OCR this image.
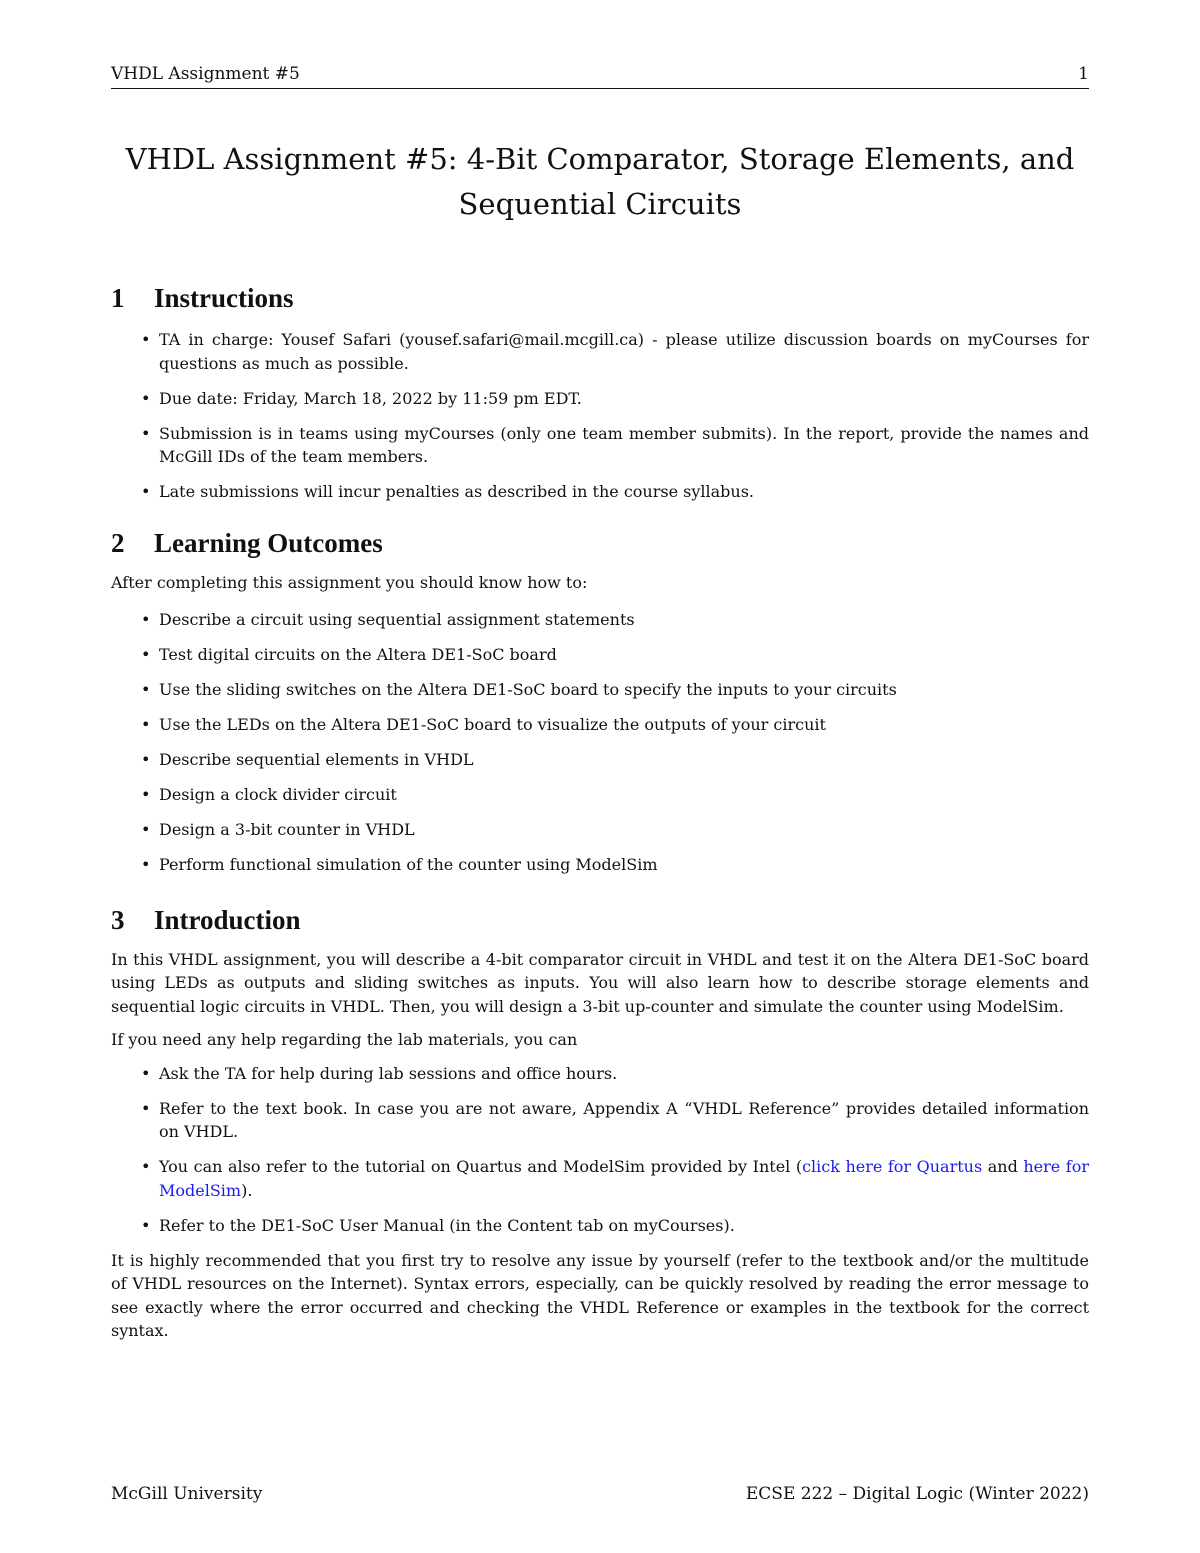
VHDL Assignment #5	1
VHDL Assignment #5: 4-Bit Comparator, Storage Elements, and
Sequential Circuits
1	Instructions
• TA in charge: Yousef Safari (yousef.safari@mail.mcgill.ca) - please utilize discussion boards on myCourses for questions as much as possible.
• Due date: Friday, March 18, 2022 by 11:59 pm EDT.
• Submission is in teams using myCourses (only one team member submits). In the report, provide the names and McGill IDs of the team members.
• Late submissions will incur penalties as described in the course syllabus.
2	Learning Outcomes

After completing this assignment you should know how to:

• Describe a circuit using sequential assignment statements
• Test digital circuits on the Altera DE1-SoC board
• Use the sliding switches on the Altera DE1-SoC board to specify the inputs to your circuits
• Use the LEDs on the Altera DE1-SoC board to visualize the outputs of your circuit
• Describe sequential elements in VHDL
• Design a clock divider circuit
• Design a 3-bit counter in VHDL
• Perform functional simulation of the counter using ModelSim
3	Introduction

In this VHDL assignment, you will describe a 4-bit comparator circuit in VHDL and test it on the Altera DE1-SoC board using LEDs as outputs and sliding switches as inputs. You will also learn how to describe storage elements and sequential logic circuits in VHDL. Then, you will design a 3-bit up-counter and simulate the counter using ModelSim.

If you need any help regarding the lab materials, you can

• Ask the TA for help during lab sessions and office hours.
• Refer to the text book. In case you are not aware, Appendix A “VHDL Reference” provides detailed information on VHDL.
• You can also refer to the tutorial on Quartus and ModelSim provided by Intel (click here for Quartus and here for ModelSim).
• Refer to the DE1-SoC User Manual (in the Content tab on myCourses).

It is highly recommended that you first try to resolve any issue by yourself (refer to the textbook and/or the multitude of VHDL resources on the Internet). Syntax errors, especially, can be quickly resolved by reading the error message to see exactly where the error occurred and checking the VHDL Reference or examples in the textbook for the correct syntax.

McGill University	ECSE 222 – Digital Logic (Winter 2022)
